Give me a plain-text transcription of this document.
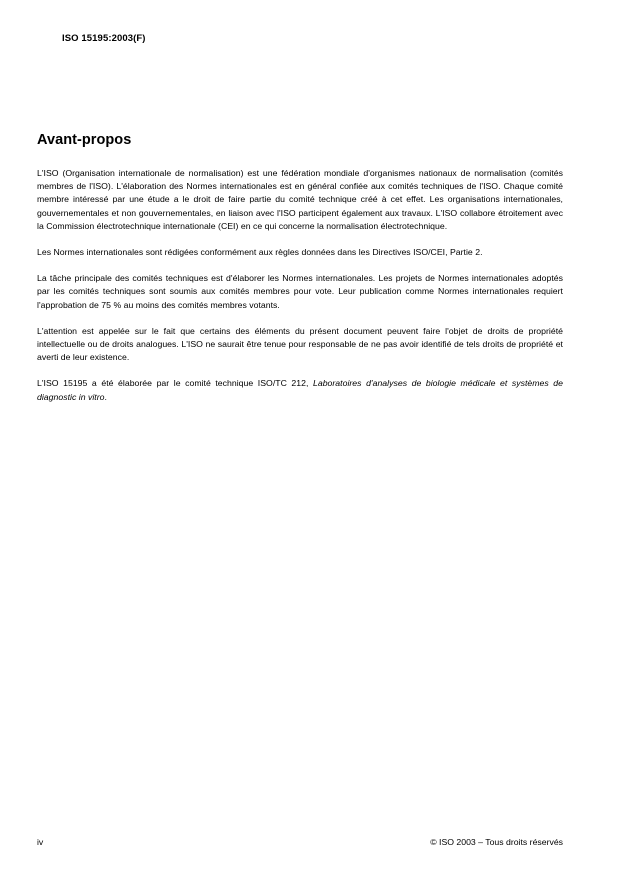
ISO 15195:2003(F)
Avant-propos

L'ISO (Organisation internationale de normalisation) est une fédération mondiale d'organismes nationaux de normalisation (comités membres de l'ISO). L'élaboration des Normes internationales est en général confiée aux comités techniques de l'ISO. Chaque comité membre intéressé par une étude a le droit de faire partie du comité technique créé à cet effet. Les organisations internationales, gouvernementales et non gouvernementales, en liaison avec l'ISO participent également aux travaux. L'ISO collabore étroitement avec la Commission électrotechnique internationale (CEI) en ce qui concerne la normalisation électrotechnique.

Les Normes internationales sont rédigées conformément aux règles données dans les Directives ISO/CEI, Partie 2.

La tâche principale des comités techniques est d'élaborer les Normes internationales. Les projets de Normes internationales adoptés par les comités techniques sont soumis aux comités membres pour vote. Leur publication comme Normes internationales requiert l'approbation de 75 % au moins des comités membres votants.

L'attention est appelée sur le fait que certains des éléments du présent document peuvent faire l'objet de droits de propriété intellectuelle ou de droits analogues. L'ISO ne saurait être tenue pour responsable de ne pas avoir identifié de tels droits de propriété et averti de leur existence.

L'ISO 15195 a été élaborée par le comité technique ISO/TC 212, Laboratoires d'analyses de biologie médicale et systèmes de diagnostic in vitro.

iv	© ISO 2003 – Tous droits réservés
